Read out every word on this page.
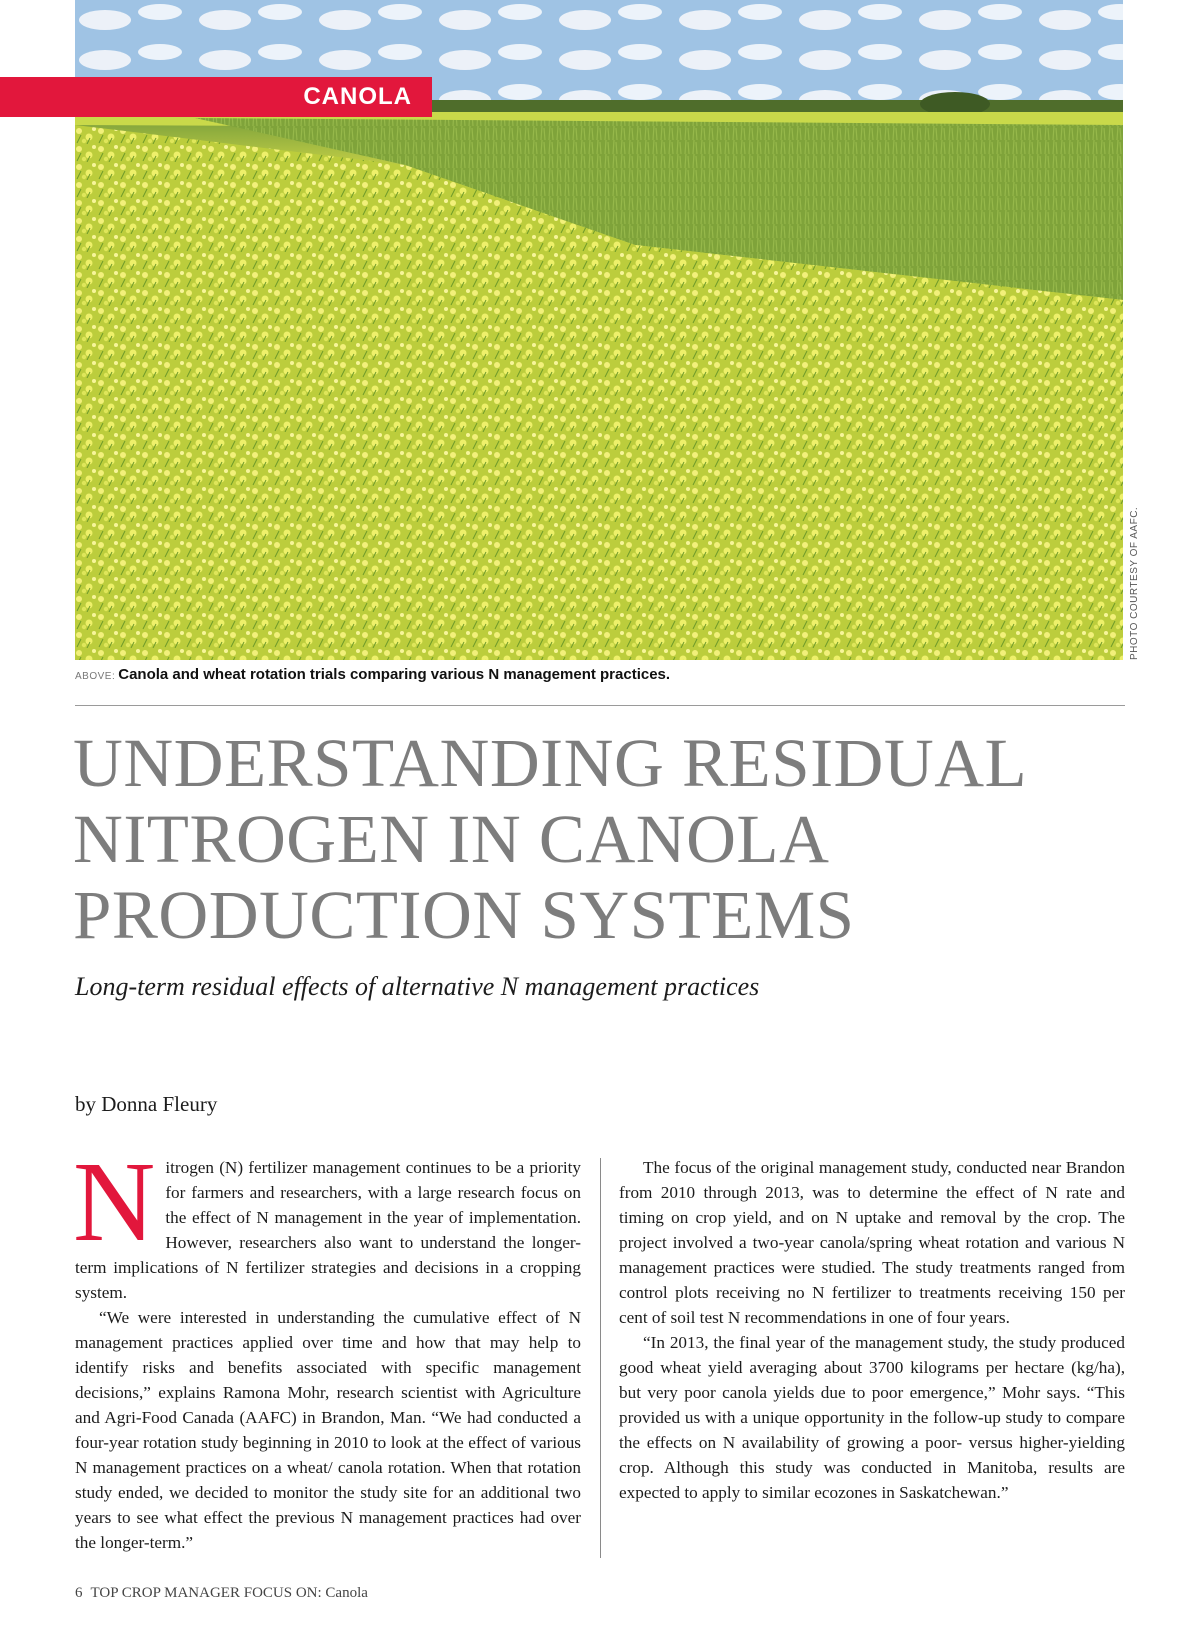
CANOLA
PHOTO COURTESY OF AAFC.
ABOVE: Canola and wheat rotation trials comparing various N management practices.
UNDERSTANDING RESIDUAL
NITROGEN IN CANOLA
PRODUCTION SYSTEMS
Long-term residual effects of alternative N management practices
by Donna Fleury

Nitrogen (N) fertilizer management continues to be a priority for farmers and researchers, with a large research focus on the effect of N management in the year of implementation. However, researchers also want to understand the longer-term implications of N fertilizer strategies and decisions in a cropping system.

“We were interested in understanding the cumulative effect of N management practices applied over time and how that may help to identify risks and benefits associated with specific management decisions,” explains Ramona Mohr, research scientist with Agriculture and Agri-Food Canada (AAFC) in Brandon, Man. “We had conducted a four-year rotation study beginning in 2010 to look at the effect of various N management practices on a wheat/ canola rotation. When that rotation study ended, we decided to monitor the study site for an additional two years to see what effect the previous N management practices had over the longer-term.”

The focus of the original management study, conducted near Brandon from 2010 through 2013, was to determine the effect of N rate and timing on crop yield, and on N uptake and removal by the crop. The project involved a two-year canola/spring wheat rotation and various N management practices were studied. The study treatments ranged from control plots receiving no N fertilizer to treatments receiving 150 per cent of soil test N recommendations in one of four years.

“In 2013, the final year of the management study, the study produced good wheat yield averaging about 3700 kilograms per hectare (kg/ha), but very poor canola yields due to poor emergence,” Mohr says. “This provided us with a unique opportunity in the follow-up study to compare the effects on N availability of growing a poor- versus higher-yielding crop. Although this study was conducted in Manitoba, results are expected to apply to similar ecozones in Saskatchewan.”

6 TOP CROP MANAGER FOCUS ON: Canola
